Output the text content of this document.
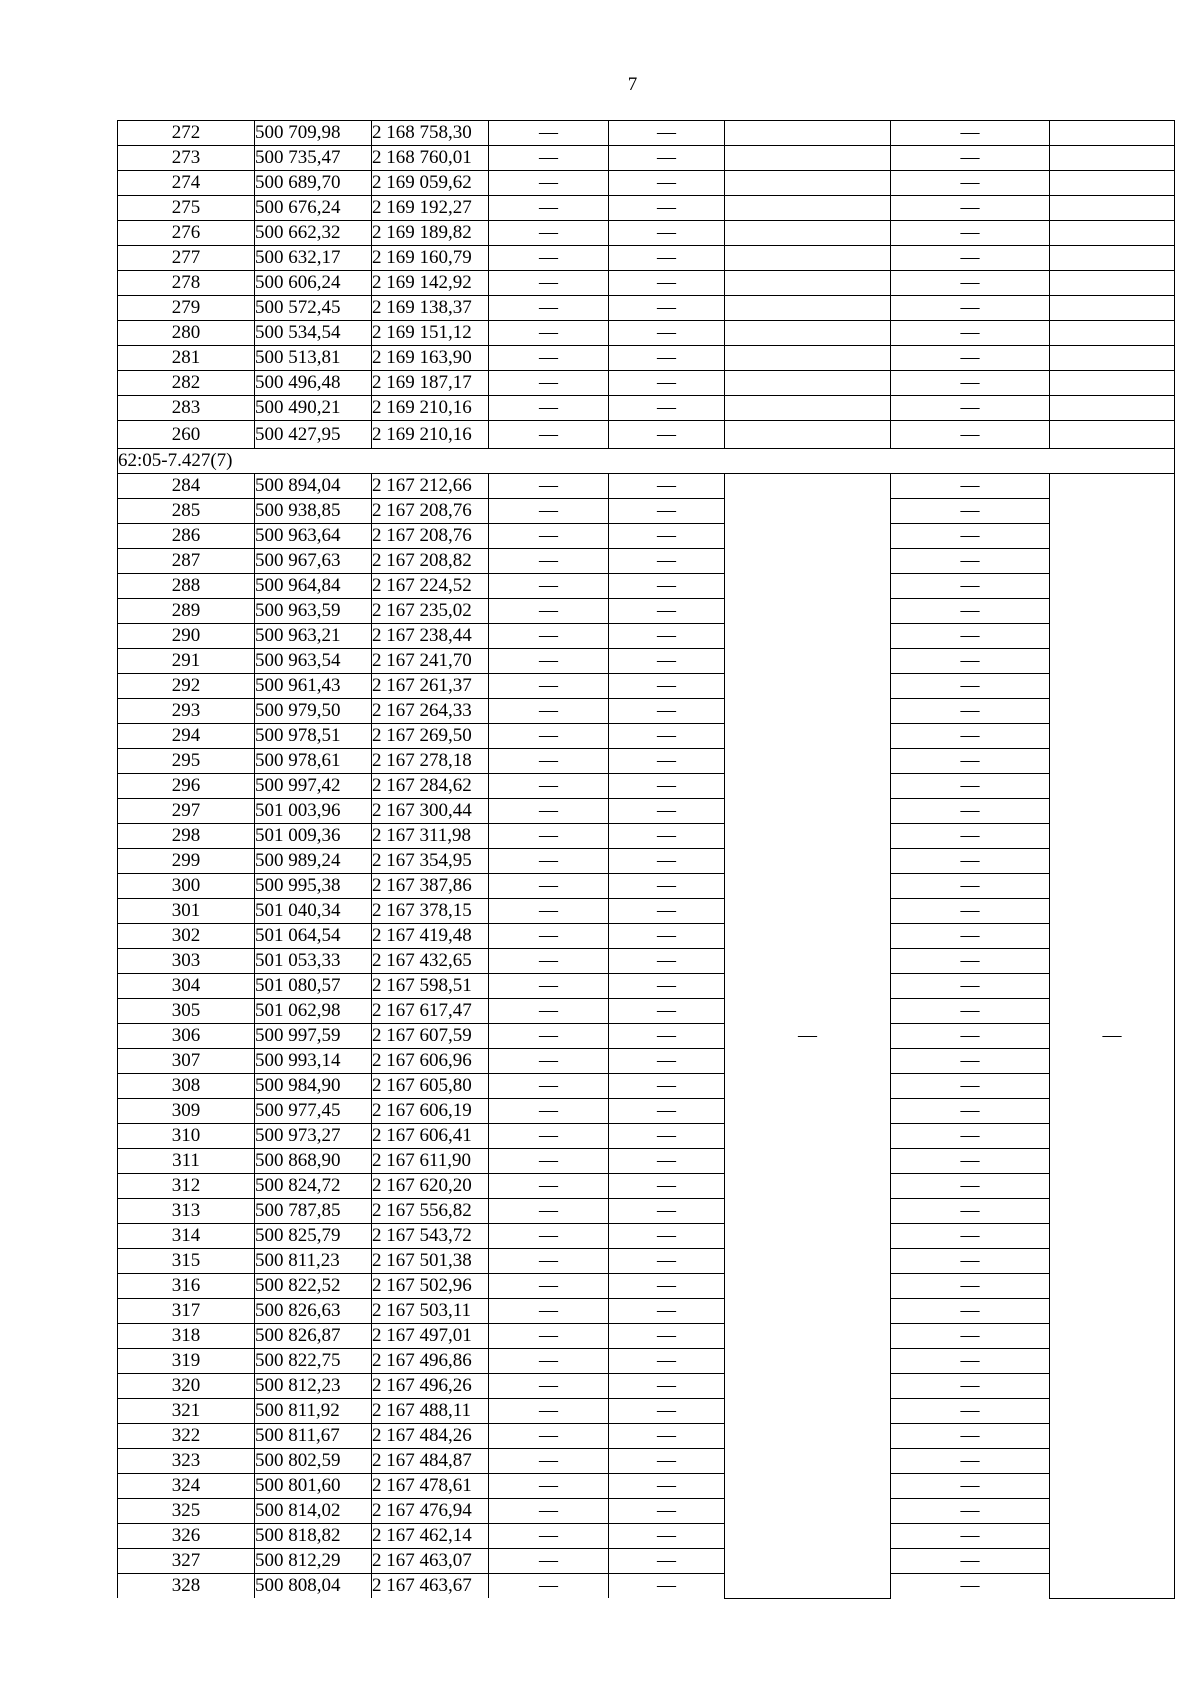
7
272	500 709,98	2 168 758,30	—	—		—	
273	500 735,47	2 168 760,01	—	—		—	
274	500 689,70	2 169 059,62	—	—		—	
275	500 676,24	2 169 192,27	—	—		—	
276	500 662,32	2 169 189,82	—	—		—	
277	500 632,17	2 169 160,79	—	—		—	
278	500 606,24	2 169 142,92	—	—		—	
279	500 572,45	2 169 138,37	—	—		—	
280	500 534,54	2 169 151,12	—	—		—	
281	500 513,81	2 169 163,90	—	—		—	
282	500 496,48	2 169 187,17	—	—		—	
283	500 490,21	2 169 210,16	—	—		—	
260	500 427,95	2 169 210,16	—	—		—	
62:05-7.427(7)							
284	500 894,04	2 167 212,66	—	—	—	—	—
285	500 938,85	2 167 208,76	—	—		—	
286	500 963,64	2 167 208,76	—	—		—	
287	500 967,63	2 167 208,82	—	—		—	
288	500 964,84	2 167 224,52	—	—		—	
289	500 963,59	2 167 235,02	—	—		—	
290	500 963,21	2 167 238,44	—	—		—	
291	500 963,54	2 167 241,70	—	—		—	
292	500 961,43	2 167 261,37	—	—		—	
293	500 979,50	2 167 264,33	—	—		—	
294	500 978,51	2 167 269,50	—	—		—	
295	500 978,61	2 167 278,18	—	—		—	
296	500 997,42	2 167 284,62	—	—		—	
297	501 003,96	2 167 300,44	—	—		—	
298	501 009,36	2 167 311,98	—	—		—	
299	500 989,24	2 167 354,95	—	—		—	
300	500 995,38	2 167 387,86	—	—		—	
301	501 040,34	2 167 378,15	—	—		—	
302	501 064,54	2 167 419,48	—	—		—	
303	501 053,33	2 167 432,65	—	—		—	
304	501 080,57	2 167 598,51	—	—		—	
305	501 062,98	2 167 617,47	—	—		—	
306	500 997,59	2 167 607,59	—	—		—	
307	500 993,14	2 167 606,96	—	—		—	
308	500 984,90	2 167 605,80	—	—		—	
309	500 977,45	2 167 606,19	—	—		—	
310	500 973,27	2 167 606,41	—	—		—	
311	500 868,90	2 167 611,90	—	—		—	
312	500 824,72	2 167 620,20	—	—		—	
313	500 787,85	2 167 556,82	—	—		—	
314	500 825,79	2 167 543,72	—	—		—	
315	500 811,23	2 167 501,38	—	—		—	
316	500 822,52	2 167 502,96	—	—		—	
317	500 826,63	2 167 503,11	—	—		—	
318	500 826,87	2 167 497,01	—	—		—	
319	500 822,75	2 167 496,86	—	—		—	
320	500 812,23	2 167 496,26	—	—		—	
321	500 811,92	2 167 488,11	—	—		—	
322	500 811,67	2 167 484,26	—	—		—	
323	500 802,59	2 167 484,87	—	—		—	
324	500 801,60	2 167 478,61	—	—		—	
325	500 814,02	2 167 476,94	—	—		—	
326	500 818,82	2 167 462,14	—	—		—	
327	500 812,29	2 167 463,07	—	—		—	
328	500 808,04	2 167 463,67	—	—		—	
